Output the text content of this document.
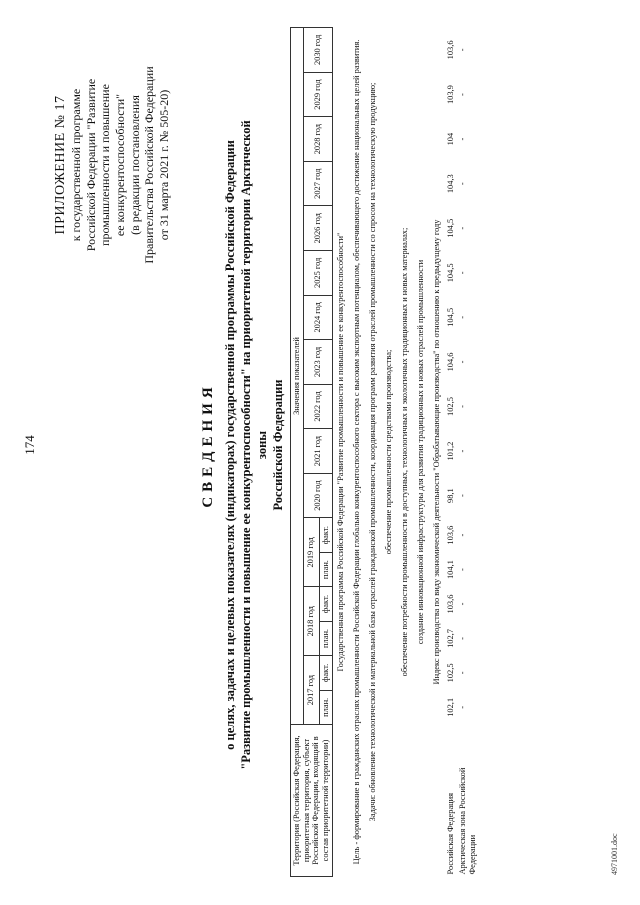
174
ПРИЛОЖЕНИЕ № 17 к государственной программе Российской Федерации "Развитие промышленности и повышение ее конкурентоспособности" (в редакции постановления Правительства Российской Федерации от 31 марта 2021 г. № 505-20)
СВЕДЕНИЯ о целях, задачах и целевых показателях (индикаторах) государственной программы Российской Федерации "Развитие промышленности и повышение ее конкурентоспособности" на приоритетной территории Арктической зоны Российской Федерации
Территория (Российская Федерация, приоритетная территория, субъект Российской Федерации, входящий в состав приоритетной территории)	Значения показателей																
	2017 год		2018 год		2019 год		2020 год	2021 год	2022 год	2023 год	2024 год	2025 год	2026 год	2027 год	2028 год	2029 год	2030 год
	план.	факт.	план.	факт.	план.	факт.											
Государственная программа Российской Федерации "Развитие промышленности и повышение ее конкурентоспособности"																	
Цель - формирование в гражданских отраслях промышленности Российской Федерации глобально конкурентоспособного сектора с высоким экспортным потенциалом, обеспечивающего достижение национальных целей развития.																	
Задачи: обновление технологической и материальной базы отраслей гражданской промышленности, координация программ развития отраслей промышленности со спросом на технологическую продукцию;																	
обеспечение промышленности средствами производства;																	
обеспечение потребности промышленности в доступных, технологичных и экологичных традиционных и новых материалах;																	
создание инновационной инфраструктуры для развития традиционных и новых отраслей промышленности																	
Индекс производства по виду экономической деятельности "Обрабатывающие производства" по отношению к предыдущему году																	
Российская Федерация	102,1	102,5	102,7	103,6	104,1	103,6	98,1	101,2	102,5	104,6	104,5	104,5	104,5	104,3	104	103,9	103,6
Арктическая зона Российской Федерации	-	-	-	-	-	-	-	-	-	-	-	-	-	-	-	-	-
4971001.doc
